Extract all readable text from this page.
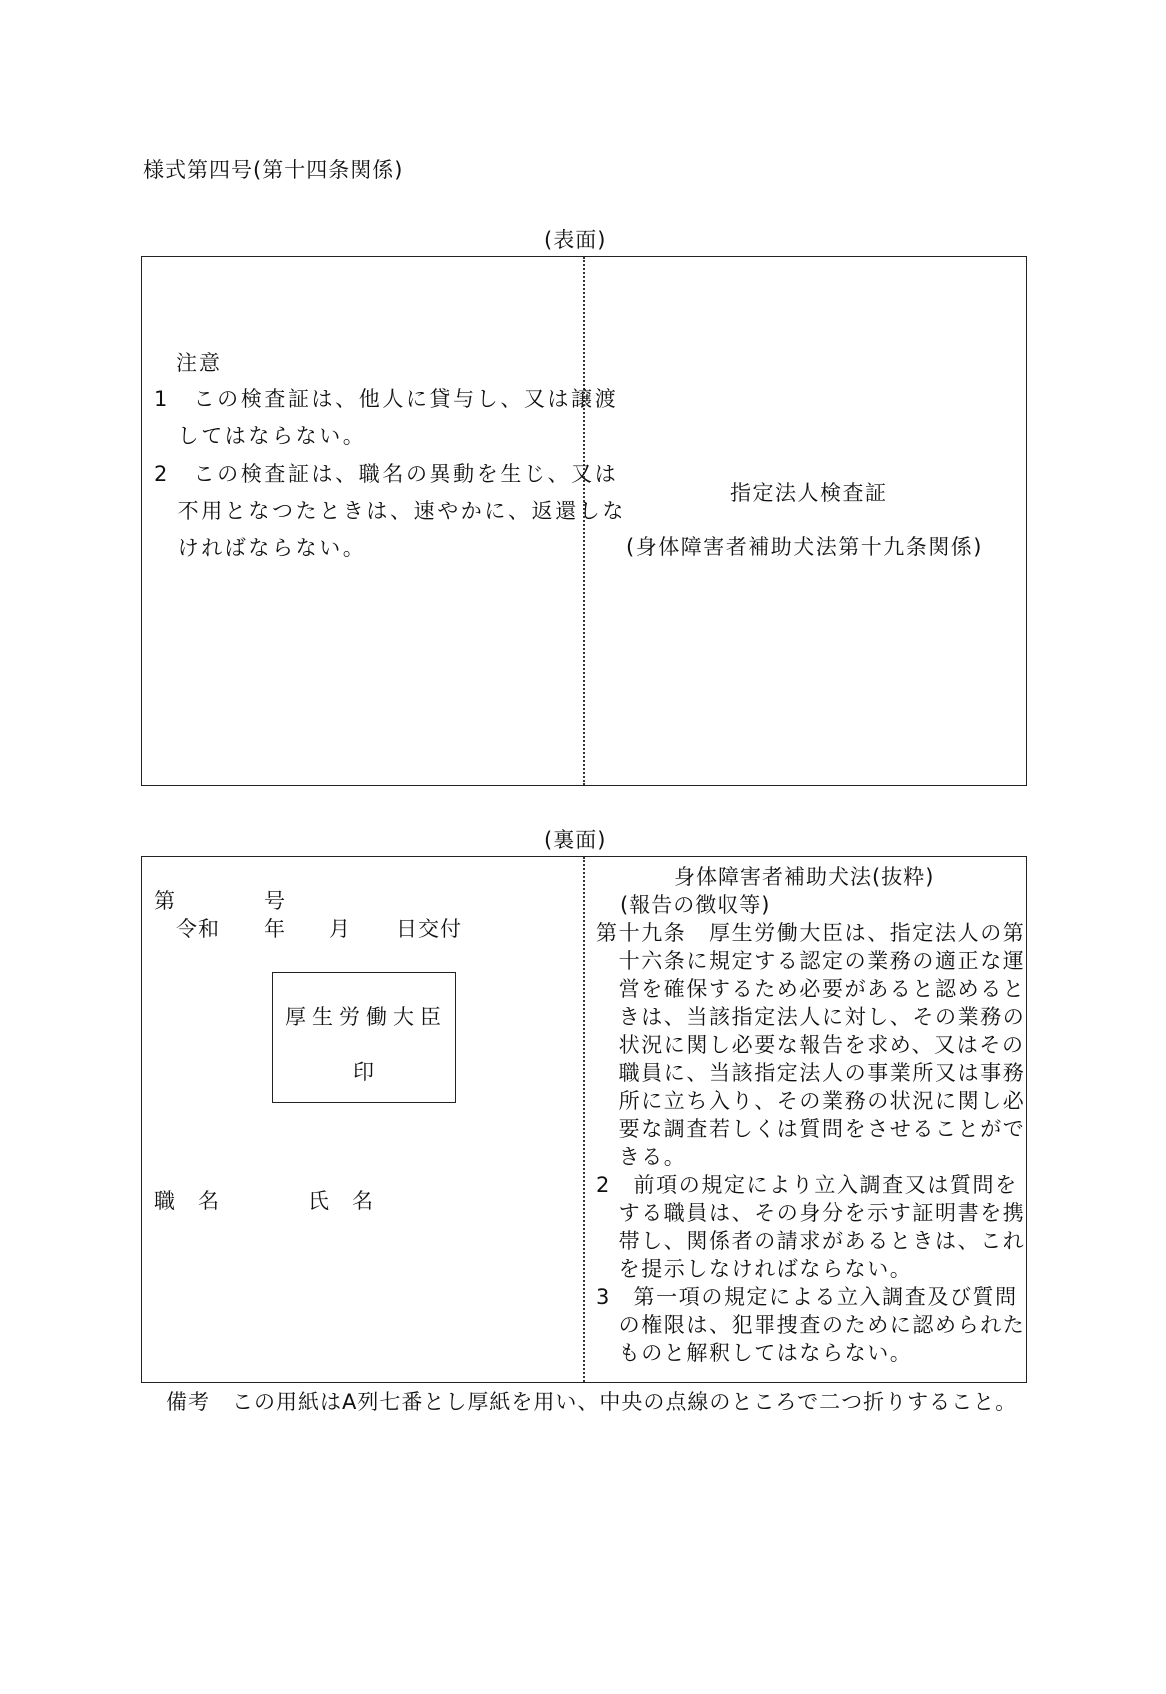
様式第四号(第十四条関係)
(表面)
注意
1　この検査証は、他人に貸与し、又は譲渡
　してはならない。
2　この検査証は、職名の異動を生じ、又は
　不用となつたときは、速やかに、返還しな
　ければならない。
指定法人検査証
(身体障害者補助犬法第十九条関係)
(裏面)
第	号
令和 年 月 日交付
厚生労働大臣
印
職　名	氏　名
身体障害者補助犬法(抜粋)
(報告の徴収等)
第十九条　厚生労働大臣は、指定法人の第
　十六条に規定する認定の業務の適正な運
　営を確保するため必要があると認めると
　きは、当該指定法人に対し、その業務の
　状況に関し必要な報告を求め、又はその
　職員に、当該指定法人の事業所又は事務
　所に立ち入り、その業務の状況に関し必
　要な調査若しくは質問をさせることがで
　きる。
2　前項の規定により立入調査又は質問を
　する職員は、その身分を示す証明書を携
　帯し、関係者の請求があるときは、これ
　を提示しなければならない。
3　第一項の規定による立入調査及び質問
　の権限は、犯罪捜査のために認められた
　ものと解釈してはならない。
備考　この用紙はA列七番とし厚紙を用い、中央の点線のところで二つ折りすること。
